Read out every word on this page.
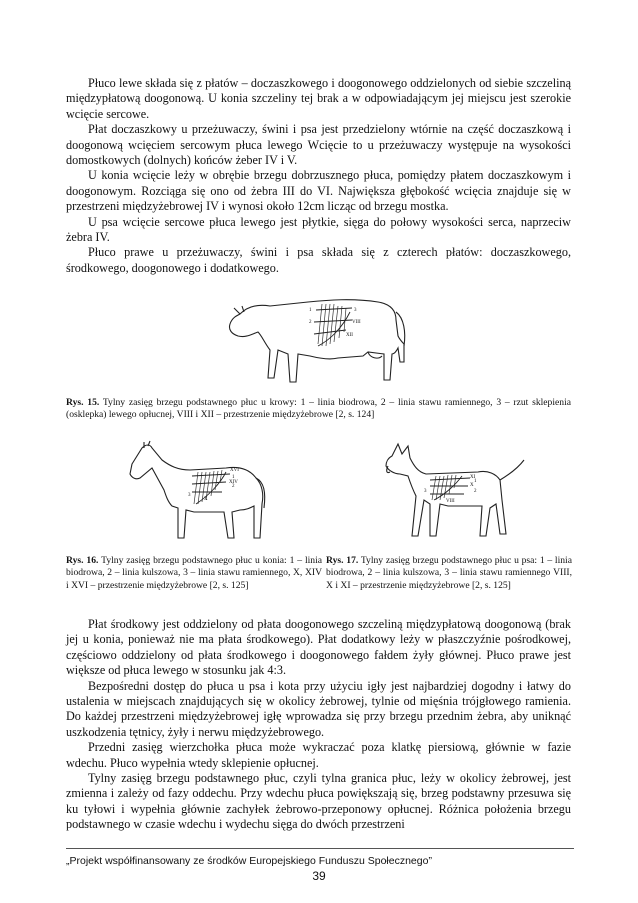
Płuco lewe składa się z płatów – doczaszkowego i doogonowego oddzielonych od siebie szczeliną międzypłatową doogonową. U konia szczeliny tej brak a w odpowiadającym jej miejscu jest szerokie wcięcie sercowe.

Płat doczaszkowy u przeżuwaczy, świni i psa jest przedzielony wtórnie na część doczaszkową i doogonową wcięciem sercowym płuca lewego Wcięcie to u przeżuwaczy występuje na wysokości domostkowych (dolnych) końców żeber IV i V.

U konia wcięcie leży w obrębie brzegu dobrzusznego płuca, pomiędzy płatem doczaszkowym i doogonowym. Rozciąga się ono od żebra III do VI. Największa głębokość wcięcia znajduje się w przestrzeni międzyżebrowej IV i wynosi około 12cm licząc od brzegu mostka.

U psa wcięcie sercowe płuca lewego jest płytkie, sięga do połowy wysokości serca, naprzeciw żebra IV.

Płuco prawe u przeżuwaczy, świni i psa składa się z czterech płatów: doczaszkowego, środkowego, doogonowego i dodatkowego.

3
VIII
XII
1
2
Rys. 15. Tylny zasięg brzegu podstawnego płuc u krowy: 1 – linia biodrowa, 2 – linia stawu ramiennego, 3 – rzut sklepienia (osklepka) lewego opłucnej, VIII i XII – przestrzenie międzyżebrowe [2, s. 124]
XVI
XIV
X
1
2
3
Rys. 16. Tylny zasięg brzegu podstawnego płuc u konia: 1 – linia biodrowa, 2 – linia kulszowa, 3 – linia stawu ramiennego, X, XIV i XVI – przestrzenie międzyżebrowe [2, s. 125]
XI
X
VIII
1
2
3
Rys. 17. Tylny zasięg brzegu podstawnego płuc u psa: 1 – linia biodrowa, 2 – linia kulszowa, 3 – linia stawu ramiennego VIII, X i XI – przestrzenie międzyżebrowe [2, s. 125]

Płat środkowy jest oddzielony od płata doogonowego szczeliną międzypłatową doogonową (brak jej u konia, ponieważ nie ma płata środkowego). Płat dodatkowy leży w płaszczyźnie pośrodkowej, częściowo oddzielony od płata środkowego i doogonowego fałdem żyły głównej. Płuco prawe jest większe od płuca lewego w stosunku jak 4:3.

Bezpośredni dostęp do płuca u psa i kota przy użyciu igły jest najbardziej dogodny i łatwy do ustalenia w miejscach znajdujących się w okolicy żebrowej, tylnie od mięśnia trójgłowego ramienia. Do każdej przestrzeni międzyżebrowej igłę wprowadza się przy brzegu przednim żebra, aby uniknąć uszkodzenia tętnicy, żyły i nerwu międzyżebrowego.

Przedni zasięg wierzchołka płuca może wykraczać poza klatkę piersiową, głównie w fazie wdechu. Płuco wypełnia wtedy sklepienie opłucnej.

Tylny zasięg brzegu podstawnego płuc, czyli tylna granica płuc, leży w okolicy żebrowej, jest zmienna i zależy od fazy oddechu. Przy wdechu płuca powiększają się, brzeg podstawny przesuwa się ku tyłowi i wypełnia głównie zachyłek żebrowo-przeponowy opłucnej. Różnica położenia brzegu podstawnego w czasie wdechu i wydechu sięga do dwóch przestrzeni

„Projekt współfinansowany ze środków Europejskiego Funduszu Społecznego”
39
